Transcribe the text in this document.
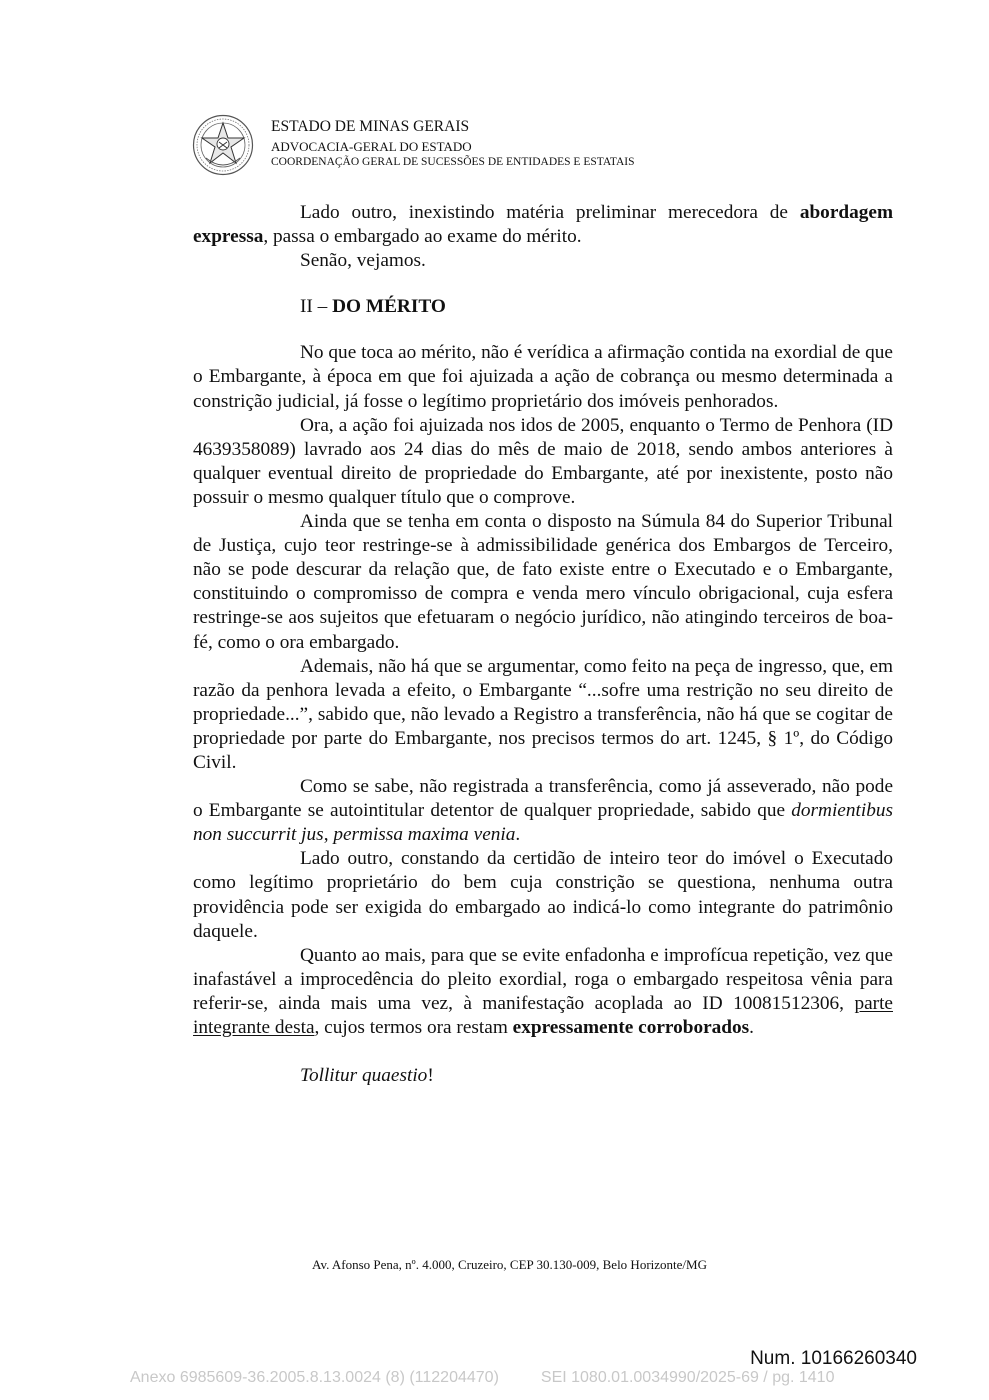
ESTADO DE MINAS GERAIS
ADVOCACIA-GERAL DO ESTADO
COORDENAÇÃO GERAL DE SUCESSÕES DE ENTIDADES E ESTATAIS

Lado outro, inexistindo matéria preliminar merecedora de abordagem expressa, passa o embargado ao exame do mérito.

Senão, vejamos.

II – DO MÉRITO

No que toca ao mérito, não é verídica a afirmação contida na exordial de que o Embargante, à época em que foi ajuizada a ação de cobrança ou mesmo determinada a constrição judicial, já fosse o legítimo proprietário dos imóveis penhorados.

Ora, a ação foi ajuizada nos idos de 2005, enquanto o Termo de Penhora (ID 4639358089) lavrado aos 24 dias do mês de maio de 2018, sendo ambos anteriores à qualquer eventual direito de propriedade do Embargante, até por inexistente, posto não possuir o mesmo qualquer título que o comprove.

Ainda que se tenha em conta o disposto na Súmula 84 do Superior Tribunal de Justiça, cujo teor restringe-se à admissibilidade genérica dos Embargos de Terceiro, não se pode descurar da relação que, de fato existe entre o Executado e o Embargante, constituindo o compromisso de compra e venda mero vínculo obrigacional, cuja esfera restringe-se aos sujeitos que efetuaram o negócio jurídico, não atingindo terceiros de boa-fé, como o ora embargado.

Ademais, não há que se argumentar, como feito na peça de ingresso, que, em razão da penhora levada a efeito, o Embargante “...sofre uma restrição no seu direito de propriedade...”, sabido que, não levado a Registro a transferência, não há que se cogitar de propriedade por parte do Embargante, nos precisos termos do art. 1245, § 1º, do Código Civil.

Como se sabe, não registrada a transferência, como já asseverado, não pode o Embargante se autointitular detentor de qualquer propriedade, sabido que dormientibus non succurrit jus, permissa maxima venia.

Lado outro, constando da certidão de inteiro teor do imóvel o Executado como legítimo proprietário do bem cuja constrição se questiona, nenhuma outra providência pode ser exigida do embargado ao indicá-lo como integrante do patrimônio daquele.

Quanto ao mais, para que se evite enfadonha e improfícua repetição, vez que inafastável a improcedência do pleito exordial, roga o embargado respeitosa vênia para referir-se, ainda mais uma vez, à manifestação acoplada ao ID 10081512306, parte integrante desta, cujos termos ora restam expressamente corroborados.

Tollitur quaestio!

Av. Afonso Pena, nº. 4.000, Cruzeiro, CEP 30.130-009, Belo Horizonte/MG
Num. 10166260340
Anexo 6985609-36.2005.8.13.0024 (8) (112204470)	SEI 1080.01.0034990/2025-69 / pg. 1410
